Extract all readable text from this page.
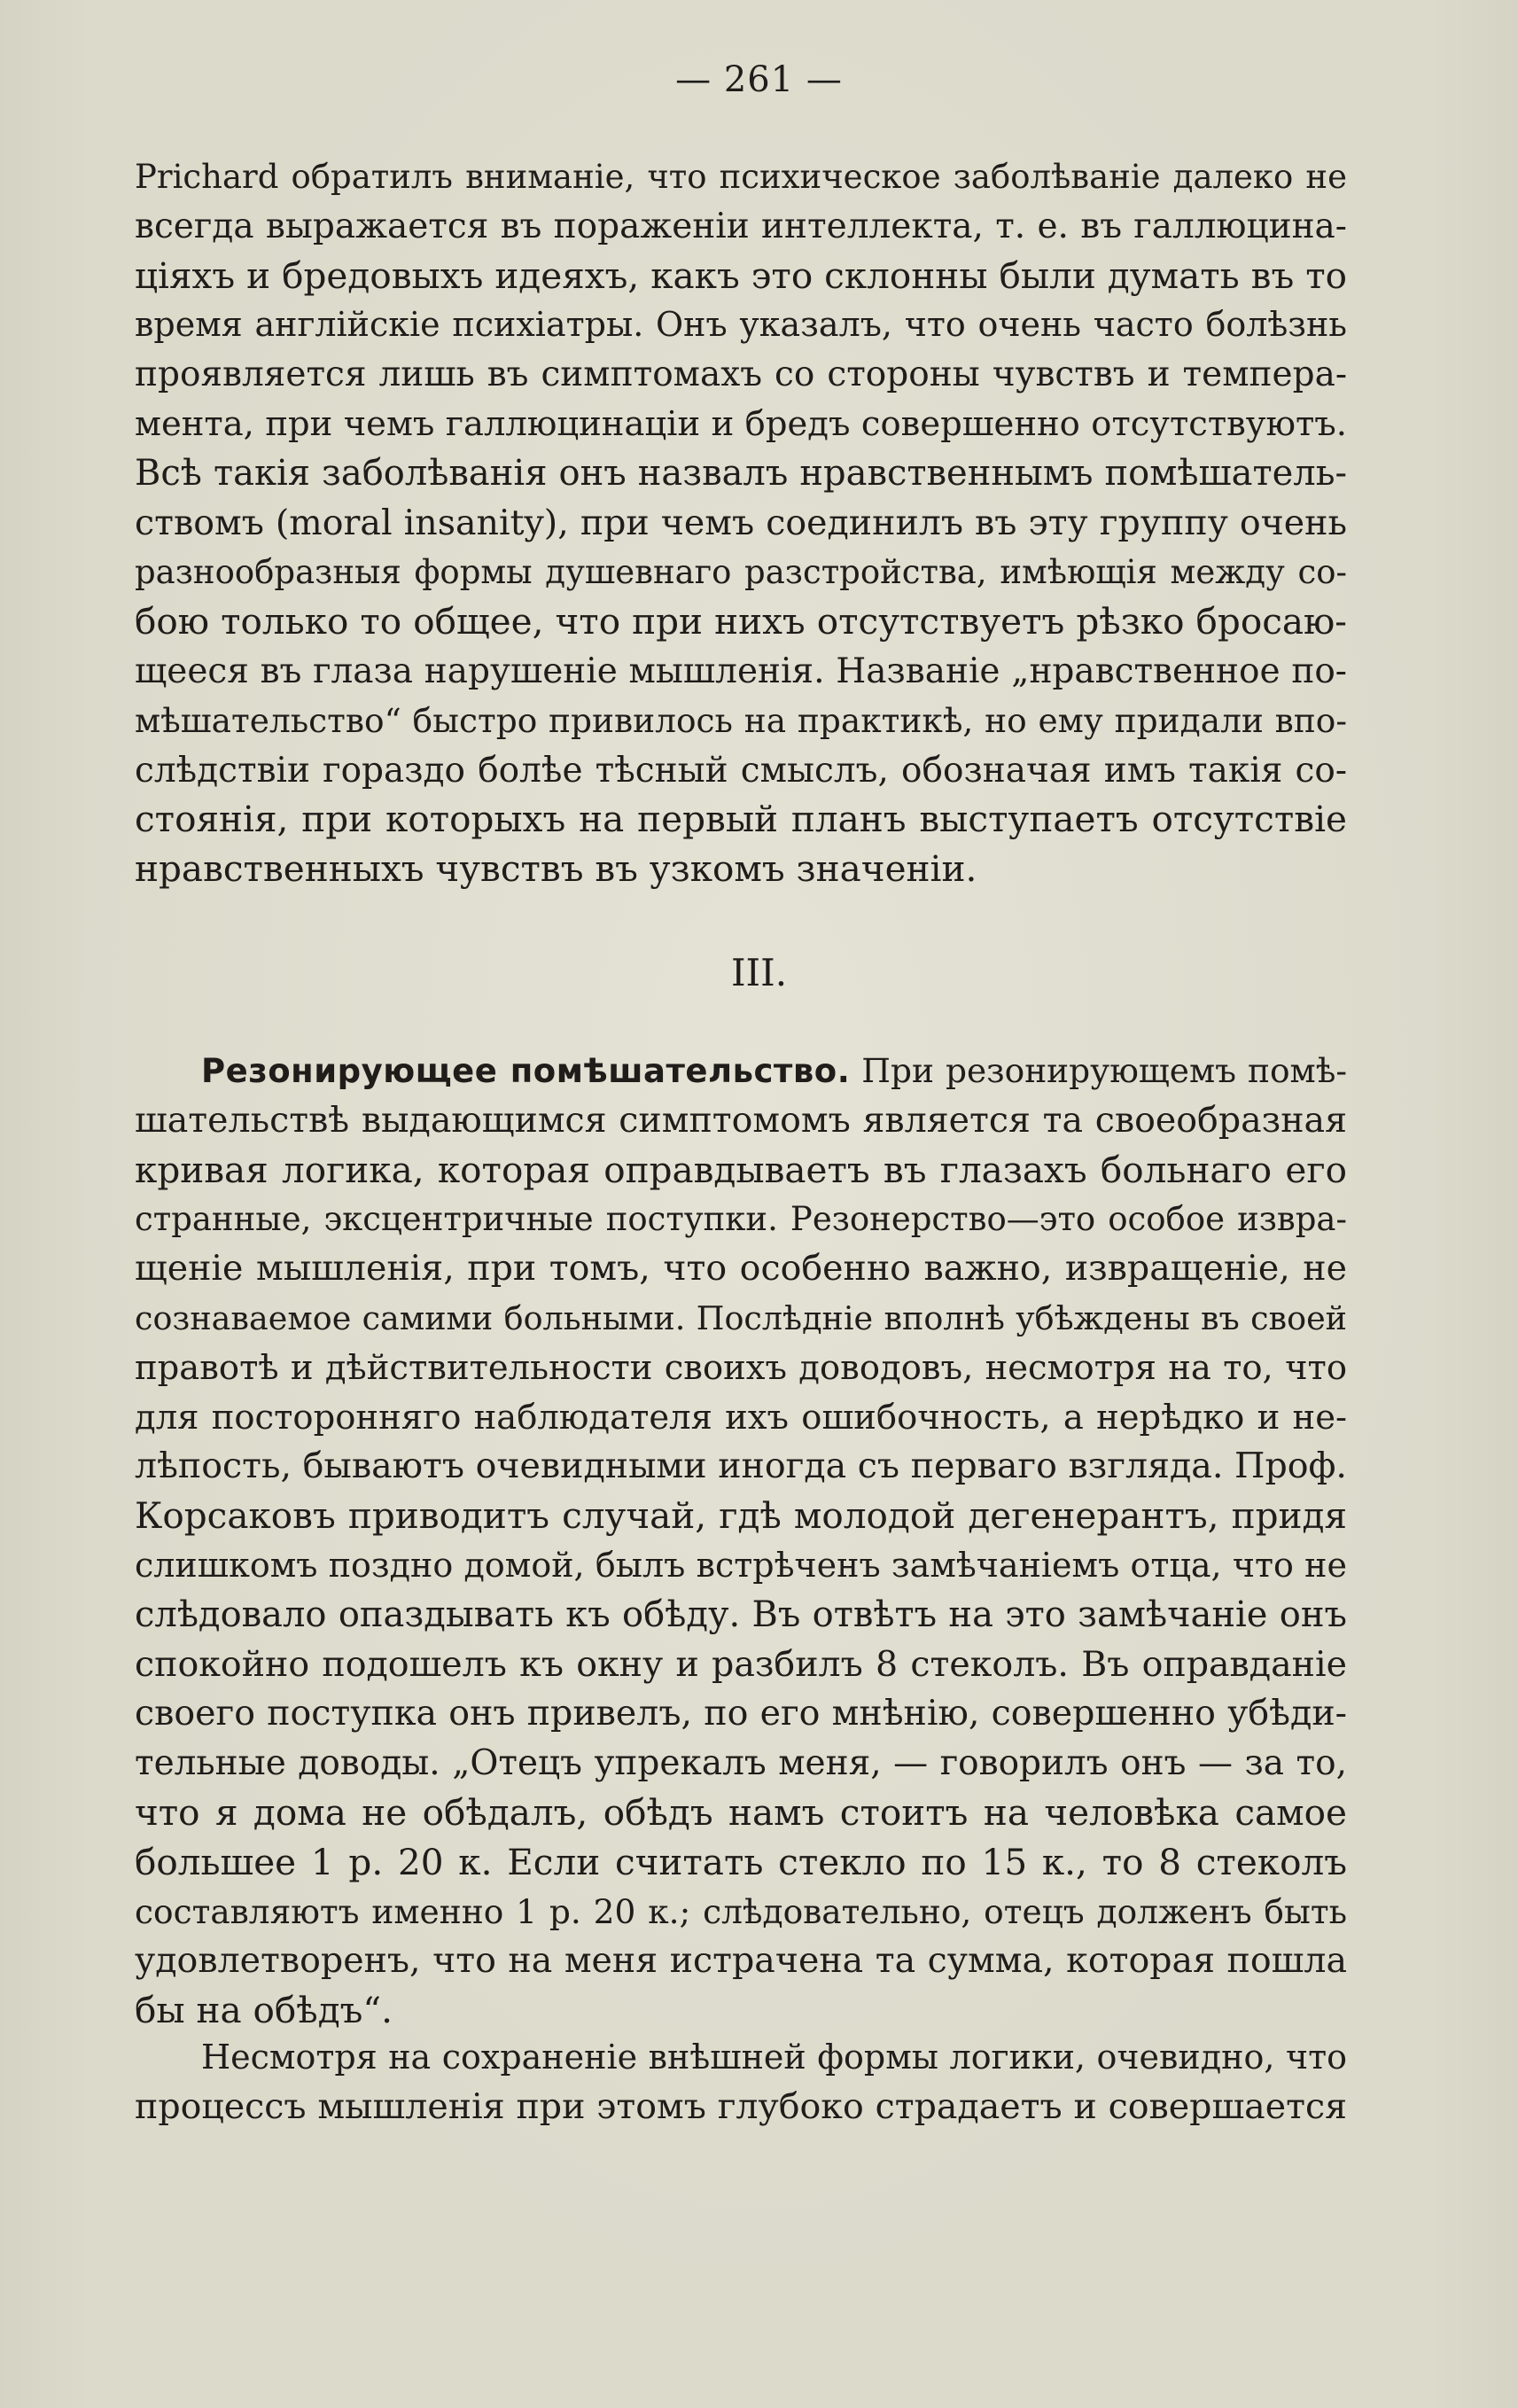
— 261 —
Prichard обратилъ вниманіе, что психическое заболѣваніе далеко не
всегда выражается въ пораженіи интеллекта, т. е. въ галлюцина-
ціяхъ и бредовыхъ идеяхъ, какъ это склонны были думать въ то
время англійскіе психіатры. Онъ указалъ, что очень часто болѣзнь
проявляется лишь въ симптомахъ со стороны чувствъ и темпера-
мента, при чемъ галлюцинаціи и бредъ совершенно отсутствуютъ.
Всѣ такія заболѣванія онъ назвалъ нравственнымъ помѣшатель-
ствомъ (moral insanity), при чемъ соединилъ въ эту группу очень
разнообразныя формы душевнаго разстройства, имѣющія между со-
бою только то общее, что при нихъ отсутствуетъ рѣзко бросаю-
щееся въ глаза нарушеніе мышленія. Названіе „нравственное по-
мѣшательство“ быстро привилось на практикѣ, но ему придали впо-
слѣдствіи гораздо болѣе тѣсный смыслъ, обозначая имъ такія со-
стоянія, при которыхъ на первый планъ выступаетъ отсутствіе
нравственныхъ чувствъ въ узкомъ значеніи.
III.
Резонирующее помѣшательство. При резонирующемъ помѣ-
шательствѣ выдающимся симптомомъ является та своеобразная
кривая логика, которая оправдываетъ въ глазахъ больнаго его
странные, эксцентричные поступки. Резонерство—это особое извра-
щеніе мышленія, при томъ, что особенно важно, извращеніе, не
сознаваемое самими больными. Послѣдніе вполнѣ убѣждены въ своей
правотѣ и дѣйствительности своихъ доводовъ, несмотря на то, что
для посторонняго наблюдателя ихъ ошибочность, а нерѣдко и не-
лѣпость, бываютъ очевидными иногда съ перваго взгляда. Проф.
Корсаковъ приводитъ случай, гдѣ молодой дегенерантъ, придя
слишкомъ поздно домой, былъ встрѣченъ замѣчаніемъ отца, что не
слѣдовало опаздывать къ обѣду. Въ отвѣтъ на это замѣчаніе онъ
спокойно подошелъ къ окну и разбилъ 8 стеколъ. Въ оправданіе
своего поступка онъ привелъ, по его мнѣнію, совершенно убѣди-
тельные доводы. „Отецъ упрекалъ меня, — говорилъ онъ — за то,
что я дома не обѣдалъ, обѣдъ намъ стоитъ на человѣка самое
большее 1 р. 20 к. Если считать стекло по 15 к., то 8 стеколъ
составляютъ именно 1 р. 20 к.; слѣдовательно, отецъ долженъ быть
удовлетворенъ, что на меня истрачена та сумма, которая пошла
бы на обѣдъ“.
Несмотря на сохраненіе внѣшней формы логики, очевидно, что
процессъ мышленія при этомъ глубоко страдаетъ и совершается
